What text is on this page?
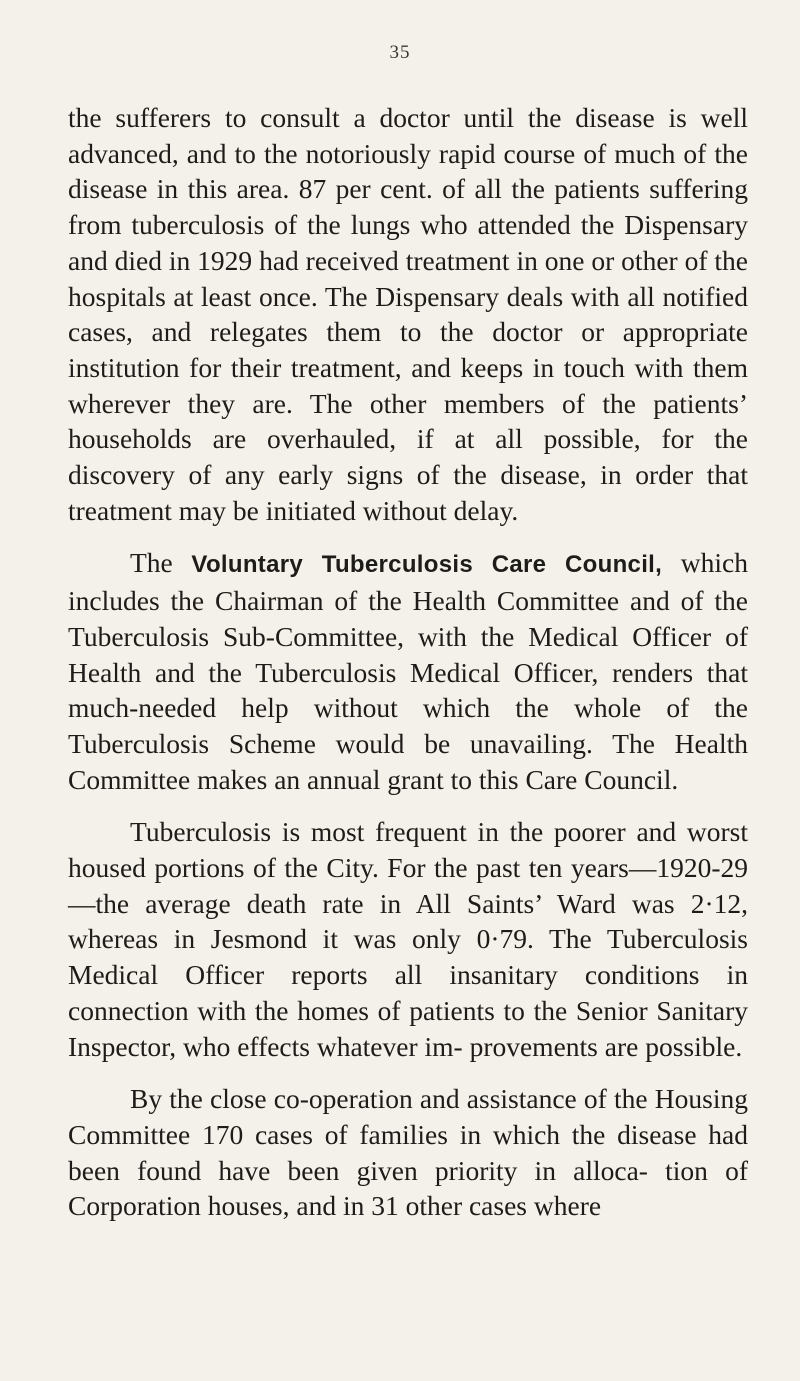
35

the sufferers to consult a doctor until the disease is well advanced, and to the notoriously rapid course of much of the disease in this area. 87 per cent. of all the patients suffering from tuberculosis of the lungs who attended the Dispensary and died in 1929 had received treatment in one or other of the hospitals at least once. The Dispensary deals with all notified cases, and relegates them to the doctor or appropriate institution for their treatment, and keeps in touch with them wherever they are. The other members of the patients’ households are overhauled, if at all possible, for the discovery of any early signs of the disease, in order that treatment may be initiated without delay.

The Voluntary Tuberculosis Care Council, which includes the Chairman of the Health Committee and of the Tuberculosis Sub-Committee, with the Medical Officer of Health and the Tuberculosis Medical Officer, renders that much-needed help without which the whole of the Tuberculosis Scheme would be unavailing. The Health Committee makes an annual grant to this Care Council.

Tuberculosis is most frequent in the poorer and worst housed portions of the City. For the past ten years—1920-29—the average death rate in All Saints’ Ward was 2·12, whereas in Jesmond it was only 0·79. The Tuberculosis Medical Officer reports all insanitary conditions in connection with the homes of patients to the Senior Sanitary Inspector, who effects whatever im- provements are possible.

By the close co-operation and assistance of the Housing Committee 170 cases of families in which the disease had been found have been given priority in alloca- tion of Corporation houses, and in 31 other cases where
